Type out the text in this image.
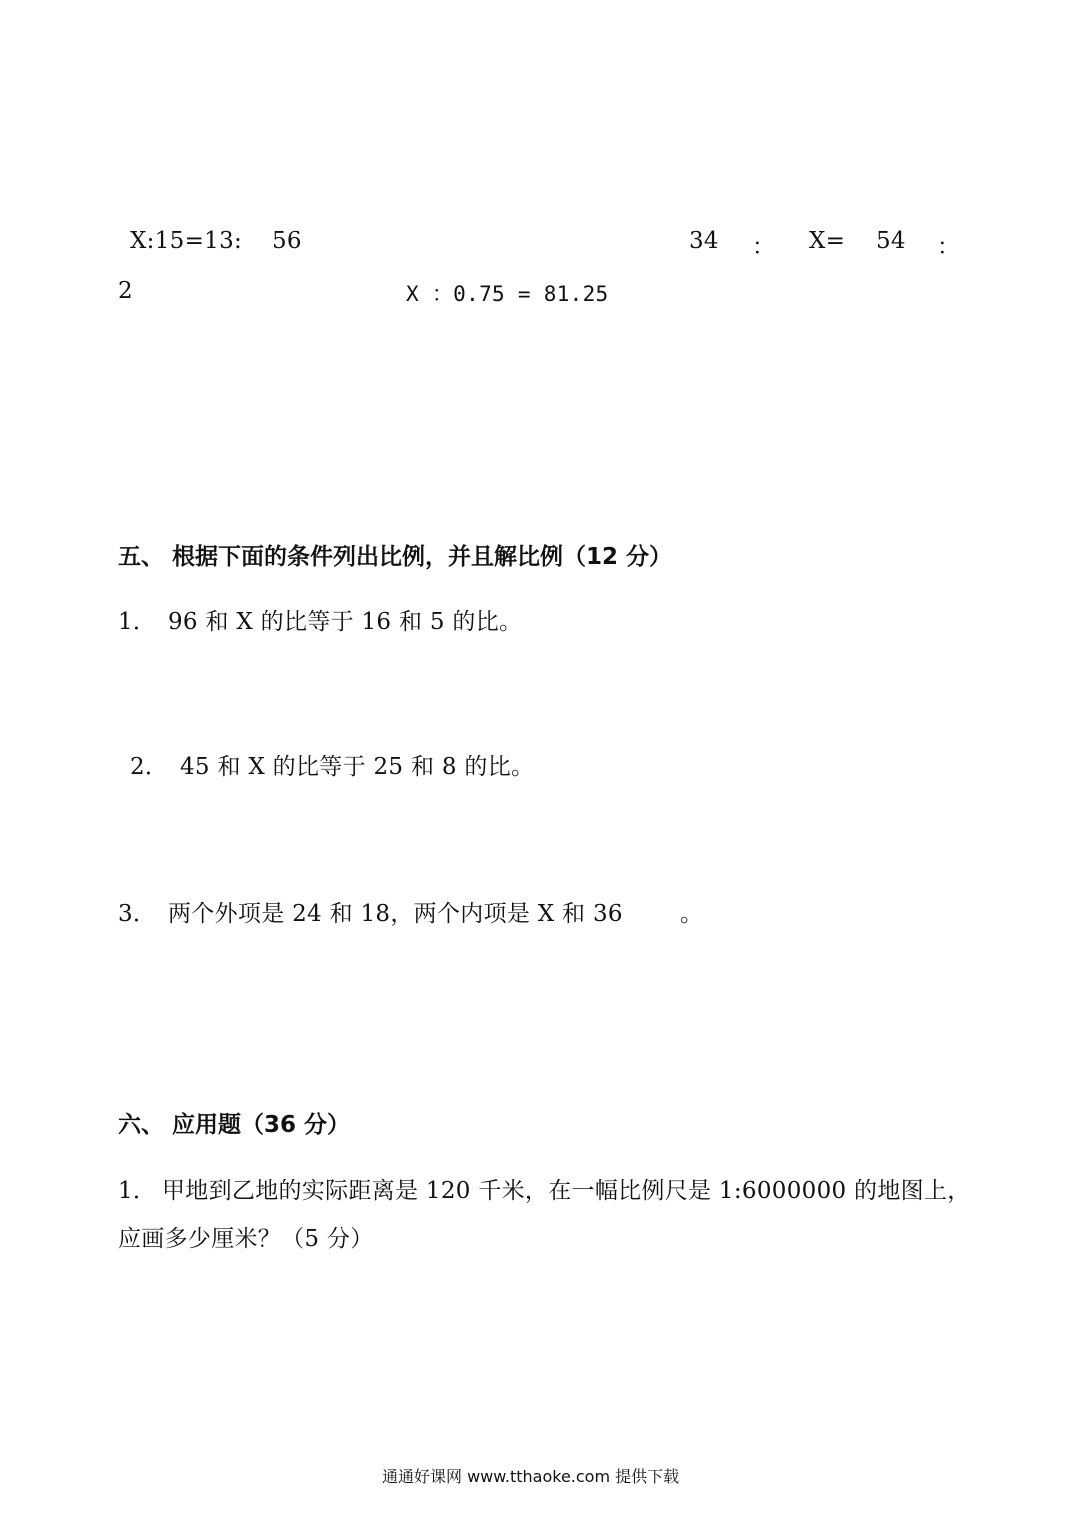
X:15=13: 56	34 ： X= 54 ：
2	X ：0.75 = 81.25
五、 根据下面的条件列出比例，并且解比例（12 分）
1． 96 和 X 的比等于 16 和 5 的比。
2． 45 和 X 的比等于 25 和 8 的比。
3． 两个外项是 24 和 18，两个内项是 X 和 36 。
六、 应用题（36 分）
1． 甲地到乙地的实际距离是 120 千米，在一幅比例尺是 1:6000000 的地图上，
应画多少厘米？（5 分）
通通好课网 www.tthaoke.com 提供下载
